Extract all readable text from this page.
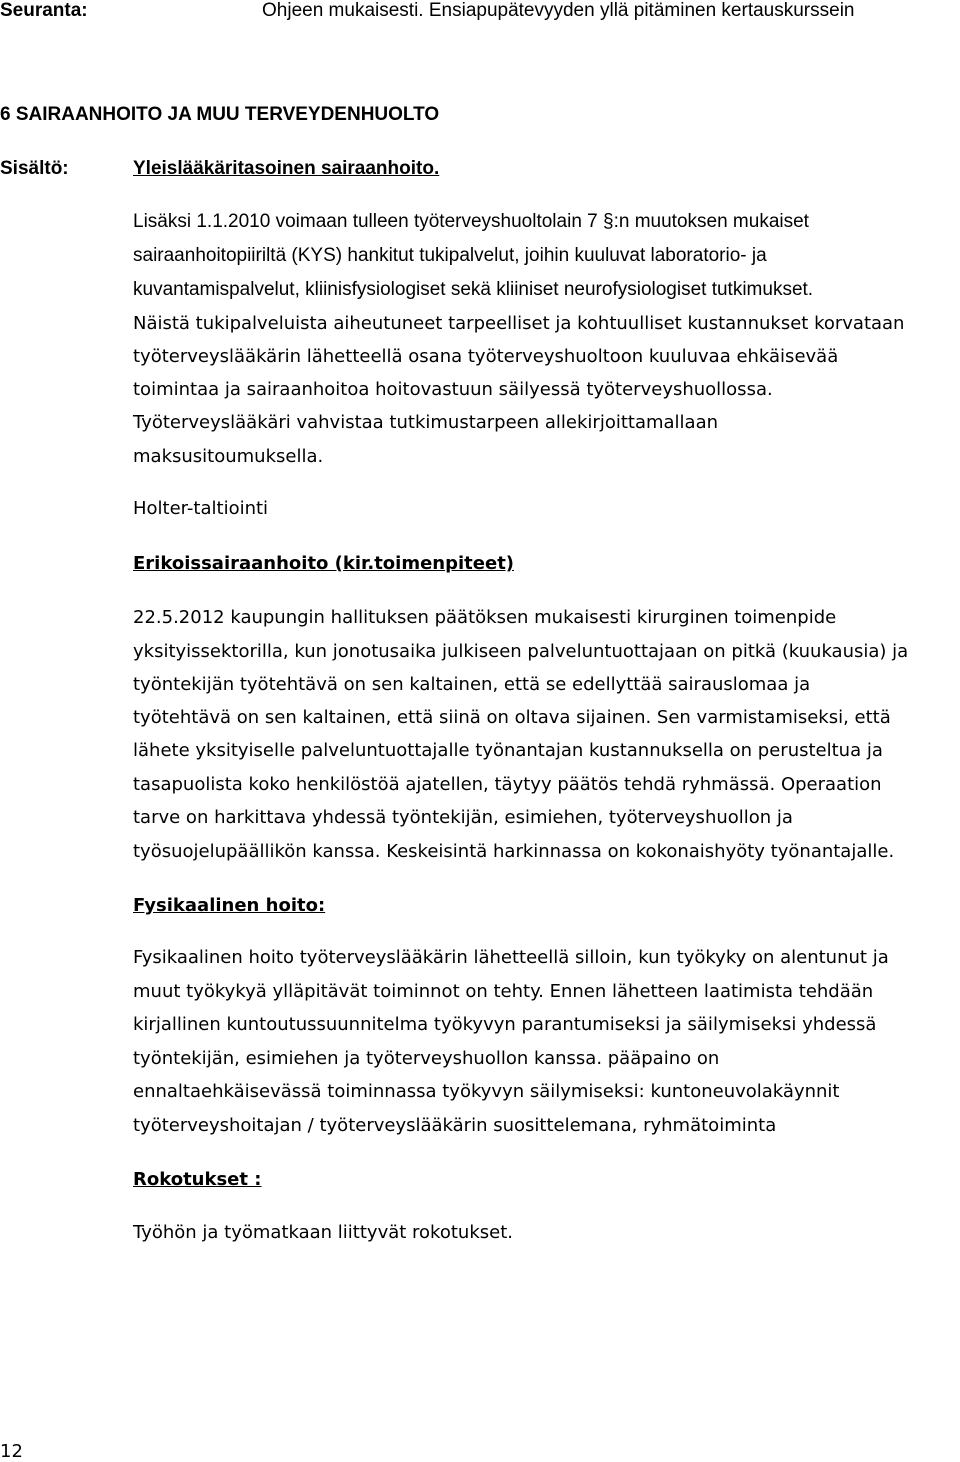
Seuranta:	Ohjeen mukaisesti. Ensiapupätevyyden yllä pitäminen kertauskurssein
6 SAIRAANHOITO JA MUU TERVEYDENHUOLTO
Sisältö:	Yleislääkäritasoinen sairaanhoito.
Lisäksi 1.1.2010 voimaan tulleen työterveyshuoltolain 7 §:n muutoksen mukaiset
sairaanhoitopiiriltä (KYS) hankitut tukipalvelut, joihin kuuluvat laboratorio- ja
kuvantamispalvelut, kliinisfysiologiset sekä kliiniset neurofysiologiset tutkimukset.
Näistä tukipalveluista aiheutuneet tarpeelliset ja kohtuulliset kustannukset korvataan
työterveyslääkärin lähetteellä osana työterveyshuoltoon kuuluvaa ehkäisevää
toimintaa ja sairaanhoitoa hoitovastuun säilyessä työterveyshuollossa.
Työterveyslääkäri vahvistaa tutkimustarpeen allekirjoittamallaan
maksusitoumuksella.
Holter-taltiointi
Erikoissairaanhoito (kir.toimenpiteet)
22.5.2012 kaupungin hallituksen päätöksen mukaisesti kirurginen toimenpide
yksityissektorilla, kun jonotusaika julkiseen palveluntuottajaan on pitkä (kuukausia) ja
työntekijän työtehtävä on sen kaltainen, että se edellyttää sairauslomaa ja
työtehtävä on sen kaltainen, että siinä on oltava sijainen. Sen varmistamiseksi, että
lähete yksityiselle palveluntuottajalle työnantajan kustannuksella on perusteltua ja
tasapuolista koko henkilöstöä ajatellen, täytyy päätös tehdä ryhmässä. Operaation
tarve on harkittava yhdessä työntekijän, esimiehen, työterveyshuollon ja
työsuojelupäällikön kanssa. Keskeisintä harkinnassa on kokonaishyöty työnantajalle.
Fysikaalinen hoito:
Fysikaalinen hoito työterveyslääkärin lähetteellä silloin, kun työkyky on alentunut ja
muut työkykyä ylläpitävät toiminnot on tehty. Ennen lähetteen laatimista tehdään
kirjallinen kuntoutussuunnitelma työkyvyn parantumiseksi ja säilymiseksi yhdessä
työntekijän, esimiehen ja työterveyshuollon kanssa. pääpaino on
ennaltaehkäisevässä toiminnassa työkyvyn säilymiseksi: kuntoneuvolakäynnit
työterveyshoitajan / työterveyslääkärin suosittelemana, ryhmätoiminta
Rokotukset :
Työhön ja työmatkaan liittyvät rokotukset.
12
